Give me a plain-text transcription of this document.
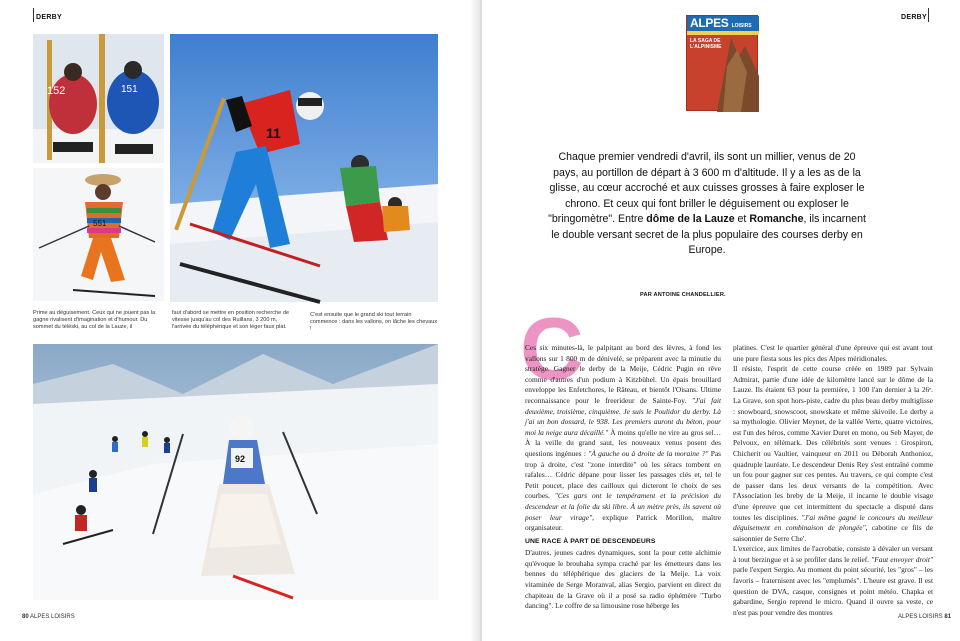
DERBY
152	151
551
11
Prime au déguisement. Ceux qui ne jouent pas la gagne rivalisent d'imagination et d'humour. Du sommet du téléski, au col de la Lauze, il
faut d'abord se mettre en position recherche de vitesse jusqu'au col des Ruillans, 3 200 m, l'arrivée du téléphérique et son léger faux plat.
C'est ensuite que le grand ski tout terrain commence : dans les vallons, on lâche les chevaux !
92
80 ALPES LOISIRS
DERBY
ALPES LOISIRS
LA SAGA DE L'ALPINISME
Chaque premier vendredi d'avril, ils sont un millier, venus de 20 pays, au portillon de départ à 3 600 m d'altitude. Il y a les as de la glisse, au cœur accroché et aux cuisses grosses à faire exploser le chrono. Et ceux qui font briller le déguisement ou exploser le "bringomètre". Entre dôme de la Lauze et Romanche, ils incarnent le double versant secret de la plus populaire des courses derby en Europe.
PAR ANTOINE CHANDELLIER.
C

Ces six minutes-là, le palpitant au bord des lèvres, à fond les vallons sur 1 800 m de dénivelé, se préparent avec la minutie du stratège. Gagner le derby de la Meije, Cédric Pugin en rêve comme d'autres d'un podium à Kitzbühel. Un épais brouillard enveloppe les Enfetchores, le Râteau, et bientôt l'Oisans. Ultime reconnaissance pour le freerideur de Sainte-Foy. "J'ai fait deuxième, troisième, cinquième. Je suis le Poulidor du derby. Là j'ai un bon dossard, le 938. Les premiers auront du béton, pour moi la neige aura décaillé." À moins qu'elle ne vire au gros sel… À la veille du grand saut, les nouveaux venus posent des questions ingénues : "À gauche ou à droite de la moraine ?" Pas trop à droite, c'est "zone interdite" où les séracs tombent en rafales… Cédric dépane pour lisser les passages clés et, tel le Petit poucet, place des cailloux qui dicteront le choix de ses courbes. "Ces gars ont le tempérament et la précision du descendeur et la folie du ski libre. À un mètre près, ils savent où poser leur virage", explique Patrick Morillon, maître organisateur.

UNE RACE À PART DE DESCENDEURS

D'autres, jeunes cadres dynamiques, sont la pour cette alchimie qu'évoque le brouhaha sympa craché par les émetteurs dans les bennes du téléphérique des glaciers de la Meije. La voix vitaminée de Serge Moranval, alias Sergio, parvient en direct du chapiteau de la Grave où il a posé sa radio éphémère "Turbo dancing". Le coffre de sa limousine rose héberge les

platines. C'est le quartier général d'une épreuve qui est avant tout une pure fiesta sous les pics des Alpes méridionales.

Il résiste, l'esprit de cette course créée en 1989 par Sylvain Admirat, partie d'une idée de kilomètre lancé sur le dôme de la Lauze. Ils étaient 63 pour la première, 1 100 l'an dernier à la 26ᵉ. La Grave, son spot hors-piste, cadre du plus beau derby multiglisse : snowboard, snowscoot, snowskate et même skivoile. Le derby a sa mythologie. Olivier Meynet, de la vallée Verte, quatre victoires, est l'un des héros, comme Xavier Duret en mono, ou Seb Mayer, de Pelvoux, en télémark. Des célébrités sont venues : Grospiron, Chicherit ou Vaultier, vainqueur en 2011 ou Déborah Anthonioz, quadruple lauréate. Le descendeur Denis Rey s'est entraîné comme un fou pour gagner sur ces pentes. Au travers, ce qui compte c'est de passer dans les deux versants de la compétition. Avec l'Association les breby de la Meije, il incarne le double visage d'une épreuve que cet intermittent du spectacle a disputé dans toutes les disciplines. "J'ai même gagné le concours du meilleur déguisement en combinaison de plongée", cabotine ce fils de saisonnier de Serre Che'.

L'exercice, aux limites de l'acrobatie, consiste à dévaler un versant à tout berzingue et à se profiler dans le relief. "Faut envoyer droit" parle l'expert Sergio. Au moment du point sécurité, les "gros" – les favoris – fraternisent avec les "emplumés". L'heure est grave. Il est question de DVA, casque, consignes et point météo. Chapka et gabardine, Sergio reprend le micro. Quand il ouvre sa veste, ce n'est pas pour vendre des montres

ALPES LOISIRS 81
